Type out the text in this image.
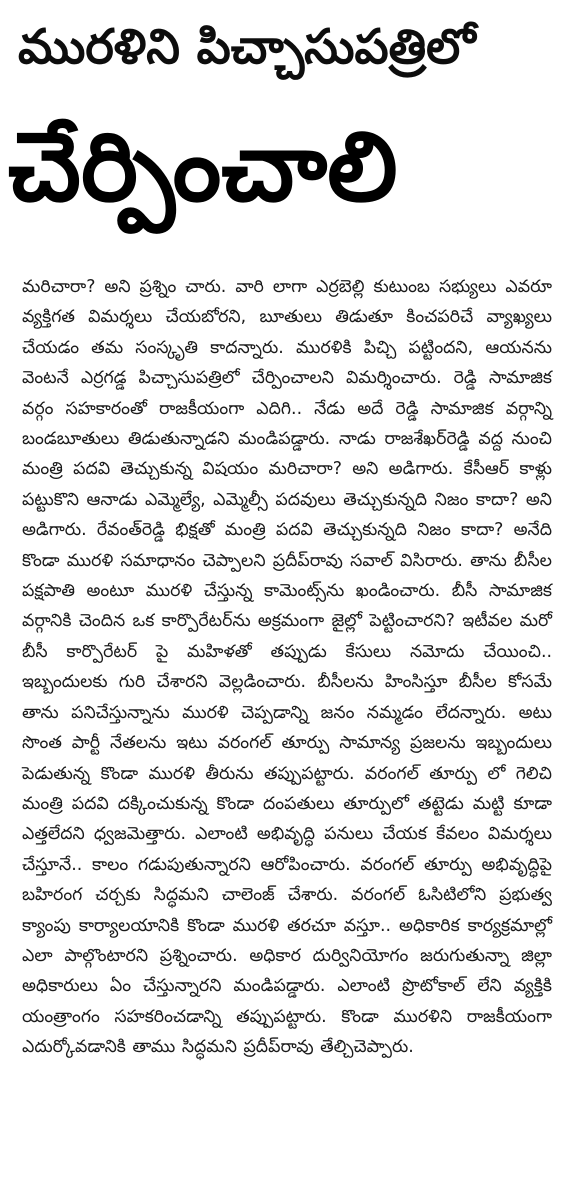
మురళిని పిచ్చాసుపత్రిలో
చేర్పించాలి
మరిచారా? అని ప్రశ్నిం చారు. వారి లాగా ఎర్రబెల్లి కుటుంబ సభ్యులు ఎవరూ వ్యక్తిగత విమర్శలు చేయబోరని, బూతులు తిడుతూ కించపరిచే వ్యాఖ్యలు చేయడం తమ సంస్కృతి కాదన్నారు. మురళికి పిచ్చి పట్టిందని, ఆయనను వెంటనే ఎర్రగడ్డ పిచ్చాసుపత్రిలో చేర్పించాలని విమర్శించారు. రెడ్డి సామాజిక వర్గం సహకారంతో రాజకీయంగా ఎదిగి.. నేడు అదే రెడ్డి సామాజిక వర్గాన్ని బండబూతులు తిడుతున్నాడని మండిపడ్డారు. నాడు రాజశేఖర్‌రెడ్డి వద్ద నుంచి మంత్రి పదవి తెచ్చుకున్న విషయం మరిచారా? అని అడిగారు. కేసీఆర్ కాళ్లు పట్టుకొని ఆనాడు ఎమ్మెల్యే, ఎమ్మెల్సీ పదవులు తెచ్చుకున్నది నిజం కాదా? అని అడిగారు. రేవంత్‌రెడ్డి భిక్షతో మంత్రి పదవి తెచ్చుకున్నది నిజం కాదా? అనేది కొండా మురళి సమాధానం చెప్పాలని ప్రదీప్‌రావు సవాల్ విసిరారు. తాను బీసీల పక్షపాతి అంటూ మురళి చేస్తున్న కామెంట్స్‌ను ఖండించారు. బీసీ సామాజిక వర్గానికి చెందిన ఒక కార్పొరేటర్‌ను అక్రమంగా జైల్లో పెట్టించారని? ఇటీవల మరో బీసీ కార్పొరేటర్ పై మహిళతో తప్పుడు కేసులు నమోదు చేయించి.. ఇబ్బందులకు గురి చేశారని వెల్లడించారు. బీసీలను హింసిస్తూ బీసీల కోసమే తాను పనిచేస్తున్నాను మురళి చెప్పడాన్ని జనం నమ్మడం లేదన్నారు. అటు సొంత పార్టీ నేతలను ఇటు వరంగల్ తూర్పు సామాన్య ప్రజలను ఇబ్బందులు పెడుతున్న కొండా మురళి తీరును తప్పుపట్టారు. వరంగల్ తూర్పు లో గెలిచి మంత్రి పదవి దక్కించుకున్న కొండా దంపతులు తూర్పులో తట్టెడు మట్టి కూడా ఎత్తలేదని ధ్వజమెత్తారు. ఎలాంటి అభివృద్ధి పనులు చేయక కేవలం విమర్శలు చేస్తూనే.. కాలం గడుపుతున్నారని ఆరోపించారు. వరంగల్ తూర్పు అభివృద్ధిపై బహిరంగ చర్చకు సిద్ధమని చాలెంజ్ చేశారు. వరంగల్ ఓసిటిలోని ప్రభుత్వ క్యాంపు కార్యాలయానికి కొండా మురళి తరచూ వస్తూ.. అధికారిక కార్యక్రమాల్లో ఎలా పాల్గొంటారని ప్రశ్నించారు. అధికార దుర్వినియోగం జరుగుతున్నా జిల్లా అధికారులు ఏం చేస్తున్నారని మండిపడ్డారు. ఎలాంటి ప్రొటోకాల్ లేని వ్యక్తికి యంత్రాంగం సహకరించడాన్ని తప్పుపట్టారు. కొండా మురళిని రాజకీయంగా ఎదుర్కోవడానికి తాము సిద్ధమని ప్రదీప్‌రావు తేల్చిచెప్పారు.
